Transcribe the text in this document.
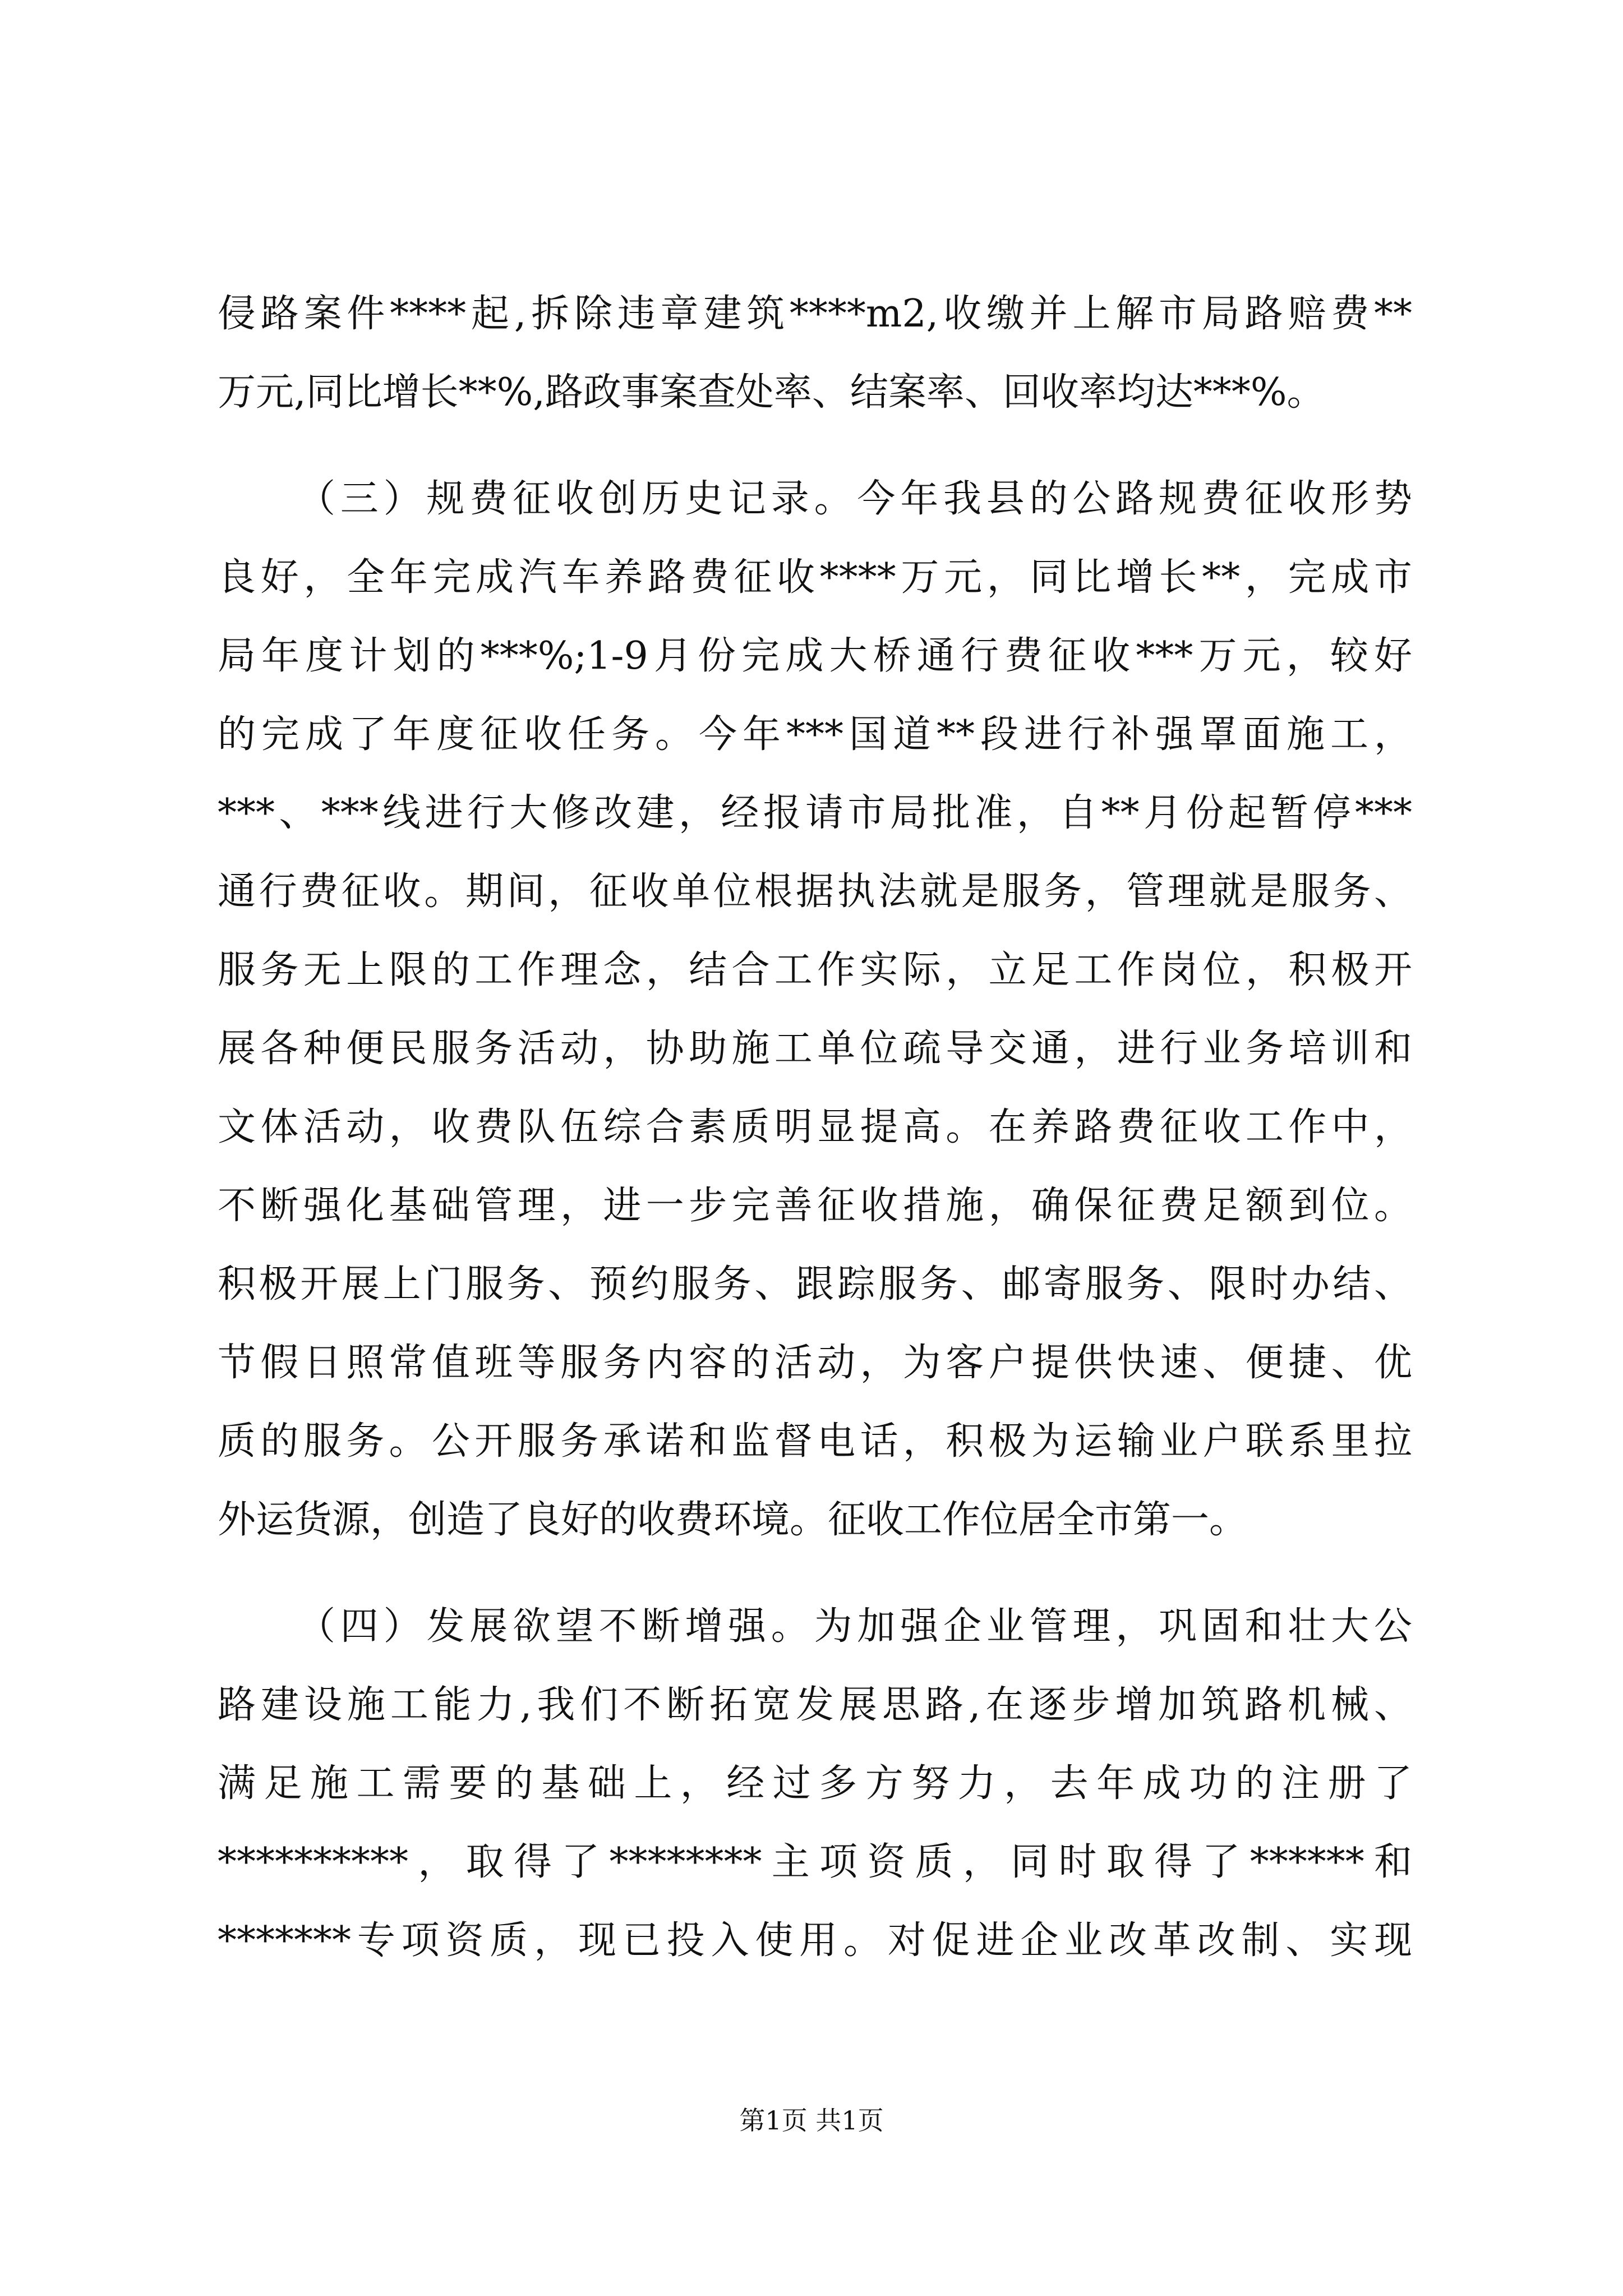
侵路案件****起,拆除违章建筑****m2,收缴并上解市局路赔费**
万元,同比增长**%,路政事案查处率、结案率、回收率均达***%。
（三）规费征收创历史记录。今年我县的公路规费征收形势
良好，全年完成汽车养路费征收****万元，同比增长**，完成市
局年度计划的***%;1-9月份完成大桥通行费征收***万元，较好
的完成了年度征收任务。今年***国道**段进行补强罩面施工，
***、***线进行大修改建，经报请市局批准，自**月份起暂停***
通行费征收。期间，征收单位根据执法就是服务，管理就是服务、
服务无上限的工作理念，结合工作实际，立足工作岗位，积极开
展各种便民服务活动，协助施工单位疏导交通，进行业务培训和
文体活动，收费队伍综合素质明显提高。在养路费征收工作中，
不断强化基础管理，进一步完善征收措施，确保征费足额到位。
积极开展上门服务、预约服务、跟踪服务、邮寄服务、限时办结、
节假日照常值班等服务内容的活动，为客户提供快速、便捷、优
质的服务。公开服务承诺和监督电话，积极为运输业户联系里拉
外运货源，创造了良好的收费环境。征收工作位居全市第一。
（四）发展欲望不断增强。为加强企业管理，巩固和壮大公
路建设施工能力,我们不断拓宽发展思路,在逐步增加筑路机械、
满足施工需要的基础上，经过多方努力，去年成功的注册了
**********，取得了********主项资质，同时取得了******和
*******专项资质，现已投入使用。对促进企业改革改制、实现
第1页 共1页
